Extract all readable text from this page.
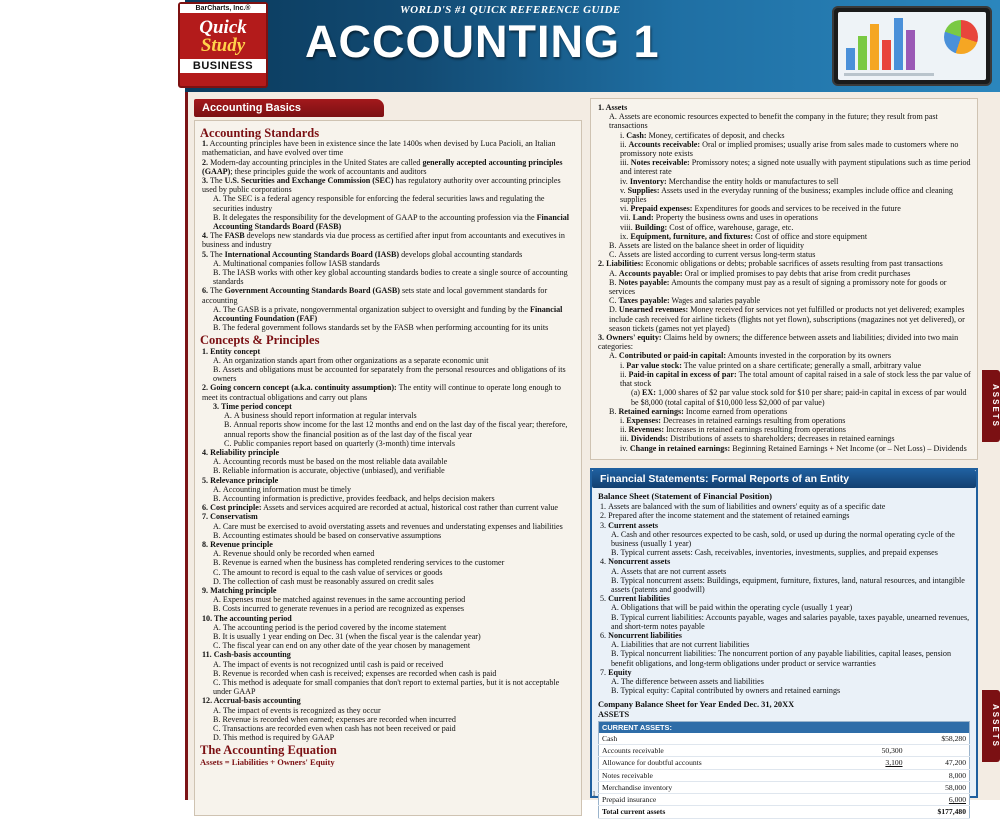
WORLD'S #1 QUICK REFERENCE GUIDE
ACCOUNTING 1
BarCharts, Inc.®
Quick
Study
BUSINESS
Accounting Basics
Accounting Standards
1. Accounting principles have been in existence since the late 1400s when devised by Luca Pacioli, an Italian mathematician, and have evolved over time
2. Modern-day accounting principles in the United States are called generally accepted accounting principles (GAAP); these principles guide the work of accountants and auditors
3. The U.S. Securities and Exchange Commission (SEC) has regulatory authority over accounting principles used by public corporations
A. The SEC is a federal agency responsible for enforcing the federal securities laws and regulating the securities industry
B. It delegates the responsibility for the development of GAAP to the accounting profession via the Financial Accounting Standards Board (FASB)
4. The FASB develops new standards via due process as certified after input from accountants and executives in business and industry
5. The International Accounting Standards Board (IASB) develops global accounting standards
A. Multinational companies follow IASB standards
B. The IASB works with other key global accounting standards bodies to create a single source of accounting standards
6. The Government Accounting Standards Board (GASB) sets state and local government standards for accounting
A. The GASB is a private, nongovernmental organization subject to oversight and funding by the Financial Accounting Foundation (FAF)
B. The federal government follows standards set by the FASB when performing accounting for its units
Concepts & Principles
1. Entity concept
A. An organization stands apart from other organizations as a separate economic unit
B. Assets and obligations must be accounted for separately from the personal resources and obligations of its owners
2. Going concern concept (a.k.a. continuity assumption): The entity will continue to operate long enough to meet its contractual obligations and carry out plans
3. Time period concept
A. A business should report information at regular intervals
B. Annual reports show income for the last 12 months and end on the last day of the fiscal year; therefore, annual reports show the financial position as of the last day of the fiscal year
C. Public companies report based on quarterly (3-month) time intervals
4. Reliability principle
A. Accounting records must be based on the most reliable data available
B. Reliable information is accurate, objective (unbiased), and verifiable
5. Relevance principle
A. Accounting information must be timely
B. Accounting information is predictive, provides feedback, and helps decision makers
6. Cost principle: Assets and services acquired are recorded at actual, historical cost rather than current value
7. Conservatism
A. Care must be exercised to avoid overstating assets and revenues and understating expenses and liabilities
B. Accounting estimates should be based on conservative assumptions
8. Revenue principle
A. Revenue should only be recorded when earned
B. Revenue is earned when the business has completed rendering services to the customer
C. The amount to record is equal to the cash value of services or goods
D. The collection of cash must be reasonably assured on credit sales
9. Matching principle
A. Expenses must be matched against revenues in the same accounting period
B. Costs incurred to generate revenues in a period are recognized as expenses
10. The accounting period
A. The accounting period is the period covered by the income statement
B. It is usually 1 year ending on Dec. 31 (when the fiscal year is the calendar year)
C. The fiscal year can end on any other date of the year chosen by management
11. Cash-basis accounting
A. The impact of events is not recognized until cash is paid or received
B. Revenue is recorded when cash is received; expenses are recorded when cash is paid
C. This method is adequate for small companies that don't report to external parties, but it is not acceptable under GAAP
12. Accrual-basis accounting
A. The impact of events is recognized as they occur
B. Revenue is recorded when earned; expenses are recorded when incurred
C. Transactions are recorded even when cash has not been received or paid
D. This method is required by GAAP
The Accounting Equation
Assets = Liabilities + Owners' Equity
1. Assets
A. Assets are economic resources expected to benefit the company in the future; they result from past transactions
i. Cash: Money, certificates of deposit, and checks
ii. Accounts receivable: Oral or implied promises; usually arise from sales made to customers where no promissory note exists
iii. Notes receivable: Promissory notes; a signed note usually with payment stipulations such as time period and interest rate
iv. Inventory: Merchandise the entity holds or manufactures to sell
v. Supplies: Assets used in the everyday running of the business; examples include office and cleaning supplies
vi. Prepaid expenses: Expenditures for goods and services to be received in the future
vii. Land: Property the business owns and uses in operations
viii. Building: Cost of office, warehouse, garage, etc.
ix. Equipment, furniture, and fixtures: Cost of office and store equipment
B. Assets are listed on the balance sheet in order of liquidity
C. Assets are listed according to current versus long-term status
2. Liabilities: Economic obligations or debts; probable sacrifices of assets resulting from past transactions
A. Accounts payable: Oral or implied promises to pay debts that arise from credit purchases
B. Notes payable: Amounts the company must pay as a result of signing a promissory note for goods or services
C. Taxes payable: Wages and salaries payable
D. Unearned revenues: Money received for services not yet fulfilled or products not yet delivered; examples include cash received for airline tickets (flights not yet flown), subscriptions (magazines not yet delivered), or season tickets (games not yet played)
3. Owners' equity: Claims held by owners; the difference between assets and liabilities; divided into two main categories:
A. Contributed or paid-in capital: Amounts invested in the corporation by its owners
i. Par value stock: The value printed on a share certificate; generally a small, arbitrary value
ii. Paid-in capital in excess of par: The total amount of capital raised in a sale of stock less the par value of that stock
(a) EX: 1,000 shares of $2 par value stock sold for $10 per share; paid-in capital in excess of par would be $8,000 (total capital of $10,000 less $2,000 of par value)
B. Retained earnings: Income earned from operations
i. Expenses: Decreases in retained earnings resulting from operations
ii. Revenues: Increases in retained earnings resulting from operations
iii. Dividends: Distributions of assets to shareholders; decreases in retained earnings
iv. Change in retained earnings: Beginning Retained Earnings + Net Income (or – Net Loss) – Dividends
Financial Statements: Formal Reports of an Entity
Balance Sheet (Statement of Financial Position)
1. Assets are balanced with the sum of liabilities and owners' equity as of a specific date
2. Prepared after the income statement and the statement of retained earnings
3. Current assets
A. Cash and other resources expected to be cash, sold, or used up during the normal operating cycle of the business (usually 1 year)
B. Typical current assets: Cash, receivables, inventories, investments, supplies, and prepaid expenses
4. Noncurrent assets
A. Assets that are not current assets
B. Typical noncurrent assets: Buildings, equipment, furniture, fixtures, land, natural resources, and intangible assets (patents and goodwill)
5. Current liabilities
A. Obligations that will be paid within the operating cycle (usually 1 year)
B. Typical current liabilities: Accounts payable, wages and salaries payable, taxes payable, unearned revenues, and short-term notes payable
6. Noncurrent liabilities
A. Liabilities that are not current liabilities
B. Typical noncurrent liabilities: The noncurrent portion of any payable liabilities, capital leases, pension benefit obligations, and long-term obligations under product or service warranties
7. Equity
A. The difference between assets and liabilities
B. Typical equity: Capital contributed by owners and retained earnings
Company Balance Sheet for Year Ended Dec. 31, 20XX
ASSETS
CURRENT ASSETS:		
Cash		$58,280
Accounts receivable	50,300	
Allowance for doubtful accounts	3,100	47,200
Notes receivable		8,000
Merchandise inventory		58,000
Prepaid insurance		6,000
Total current assets		$177,480
1
ASSETS
ASSETS
